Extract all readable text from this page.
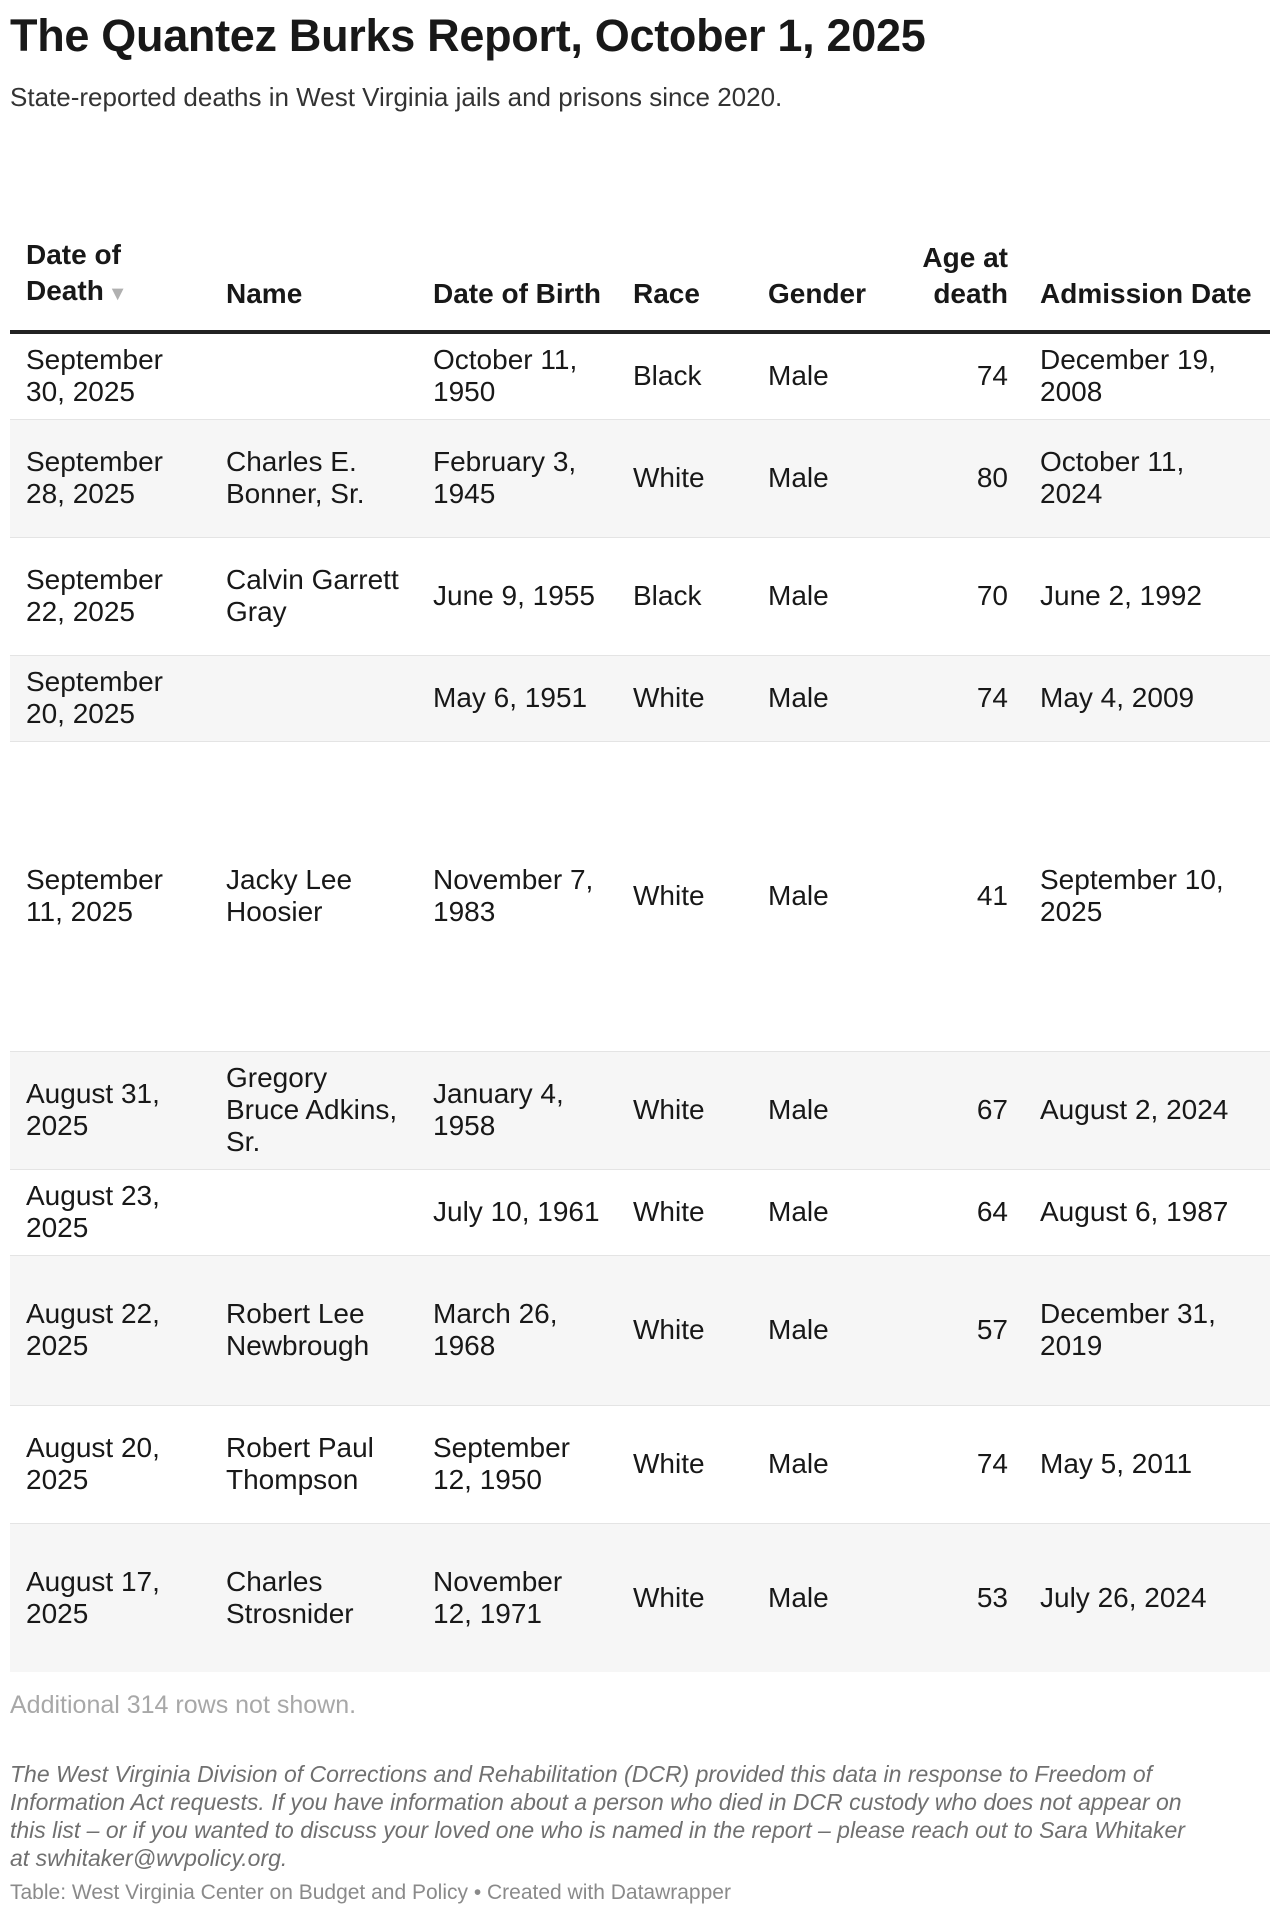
The Quantez Burks Report, October 1, 2025
State-reported deaths in West Virginia jails and prisons since 2020.
Date of Death ▼	Name	Date of Birth	Race	Gender	Age at death	Admission Date
September 30, 2025		October 11, 1950	Black	Male	74	December 19, 2008
September 28, 2025	Charles E. Bonner, Sr.	February 3, 1945	White	Male	80	October 11, 2024
September 22, 2025	Calvin Garrett Gray	June 9, 1955	Black	Male	70	June 2, 1992
September 20, 2025		May 6, 1951	White	Male	74	May 4, 2009
September 11, 2025	Jacky Lee Hoosier	November 7, 1983	White	Male	41	September 10, 2025
August 31, 2025	Gregory Bruce Adkins, Sr.	January 4, 1958	White	Male	67	August 2, 2024
August 23, 2025		July 10, 1961	White	Male	64	August 6, 1987
August 22, 2025	Robert Lee Newbrough	March 26, 1968	White	Male	57	December 31, 2019
August 20, 2025	Robert Paul Thompson	September 12, 1950	White	Male	74	May 5, 2011
August 17, 2025	Charles Strosnider	November 12, 1971	White	Male	53	July 26, 2024
Additional 314 rows not shown.
The West Virginia Division of Corrections and Rehabilitation (DCR) provided this data in response to Freedom of Information Act requests. If you have information about a person who died in DCR custody who does not appear on this list – or if you wanted to discuss your loved one who is named in the report – please reach out to Sara Whitaker at swhitaker@wvpolicy.org.
Table: West Virginia Center on Budget and Policy • Created with Datawrapper
